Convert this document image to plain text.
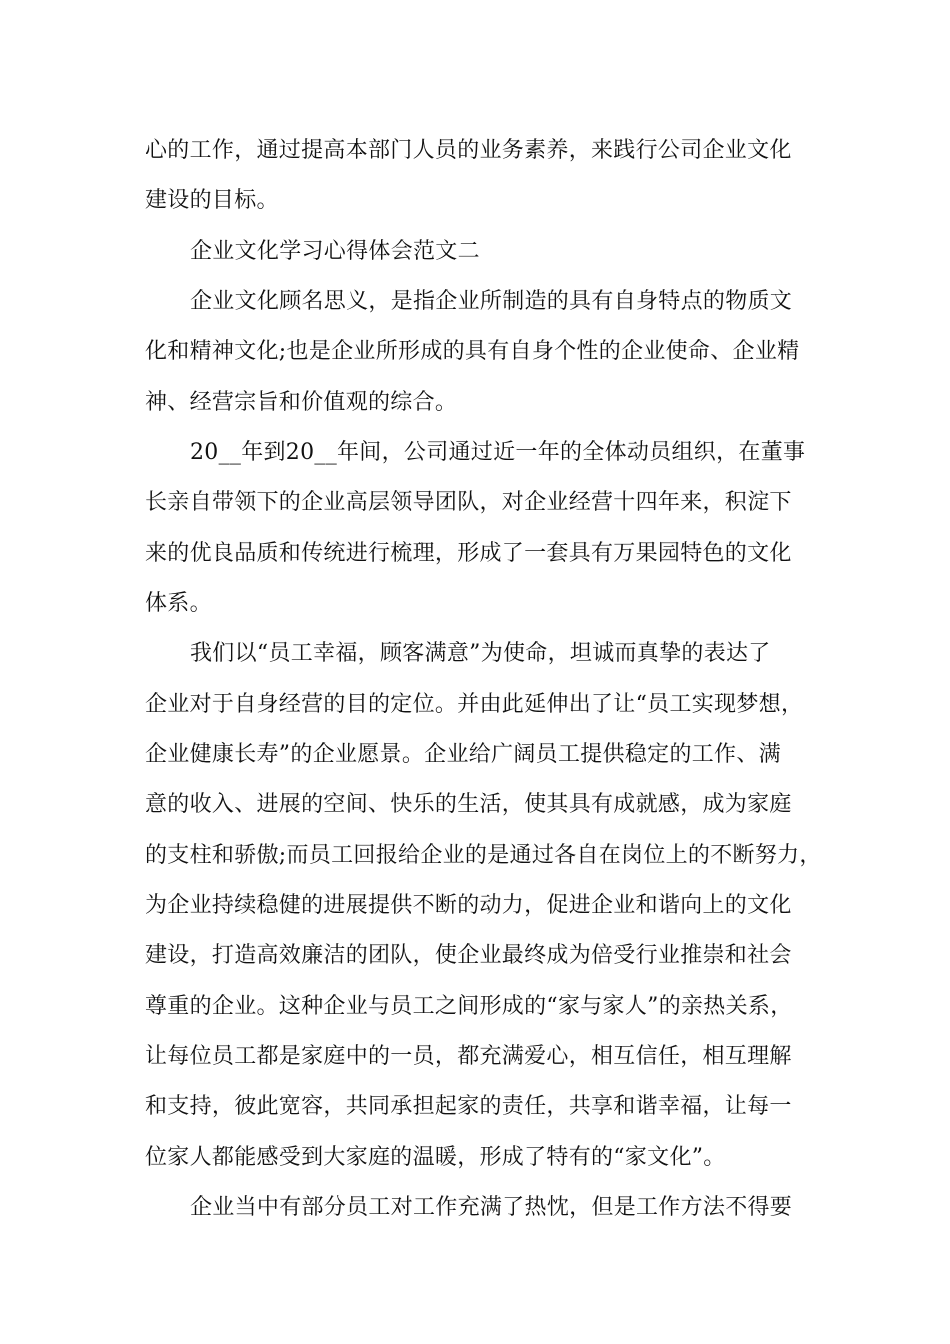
心的工作，通过提高本部门人员的业务素养，来践行公司企业文化
建设的目标。
企业文化学习心得体会范文二
企业文化顾名思义，是指企业所制造的具有自身特点的物质文
化和精神文化;也是企业所形成的具有自身个性的企业使命、企业精
神、经营宗旨和价值观的综合。
20__年到20__年间，公司通过近一年的全体动员组织，在董事
长亲自带领下的企业高层领导团队，对企业经营十四年来，积淀下
来的优良品质和传统进行梳理，形成了一套具有万果园特色的文化
体系。
我们以“员工幸福，顾客满意”为使命，坦诚而真挚的表达了
企业对于自身经营的目的定位。并由此延伸出了让“员工实现梦想，
企业健康长寿”的企业愿景。企业给广阔员工提供稳定的工作、满
意的收入、进展的空间、快乐的生活，使其具有成就感，成为家庭
的支柱和骄傲;而员工回报给企业的是通过各自在岗位上的不断努力，
为企业持续稳健的进展提供不断的动力，促进企业和谐向上的文化
建设，打造高效廉洁的团队，使企业最终成为倍受行业推崇和社会
尊重的企业。这种企业与员工之间形成的“家与家人”的亲热关系，
让每位员工都是家庭中的一员，都充满爱心，相互信任，相互理解
和支持，彼此宽容，共同承担起家的责任，共享和谐幸福，让每一
位家人都能感受到大家庭的温暖，形成了特有的“家文化”。
企业当中有部分员工对工作充满了热忱，但是工作方法不得要
